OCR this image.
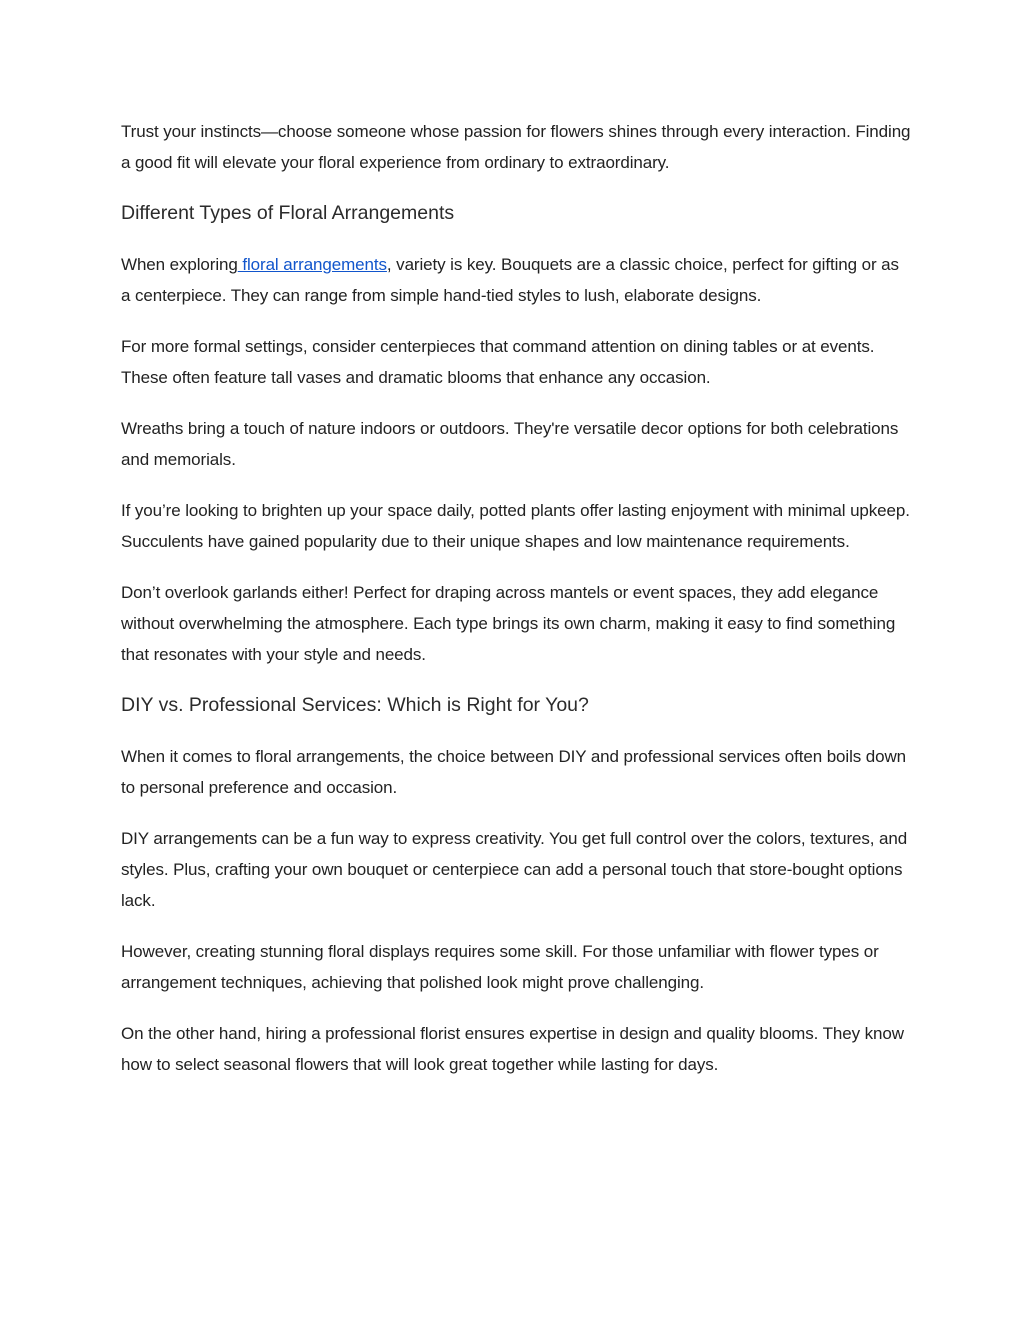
Trust your instincts—choose someone whose passion for flowers shines through every interaction. Finding a good fit will elevate your floral experience from ordinary to extraordinary.

Different Types of Floral Arrangements

When exploring floral arrangements, variety is key. Bouquets are a classic choice, perfect for gifting or as a centerpiece. They can range from simple hand-tied styles to lush, elaborate designs.

For more formal settings, consider centerpieces that command attention on dining tables or at events. These often feature tall vases and dramatic blooms that enhance any occasion.

Wreaths bring a touch of nature indoors or outdoors. They're versatile decor options for both celebrations and memorials.

If you’re looking to brighten up your space daily, potted plants offer lasting enjoyment with minimal upkeep. Succulents have gained popularity due to their unique shapes and low maintenance requirements.

Don’t overlook garlands either! Perfect for draping across mantels or event spaces, they add elegance without overwhelming the atmosphere. Each type brings its own charm, making it easy to find something that resonates with your style and needs.

DIY vs. Professional Services: Which is Right for You?

When it comes to floral arrangements, the choice between DIY and professional services often boils down to personal preference and occasion.

DIY arrangements can be a fun way to express creativity. You get full control over the colors, textures, and styles. Plus, crafting your own bouquet or centerpiece can add a personal touch that store-bought options lack.

However, creating stunning floral displays requires some skill. For those unfamiliar with flower types or arrangement techniques, achieving that polished look might prove challenging.

On the other hand, hiring a professional florist ensures expertise in design and quality blooms. They know how to select seasonal flowers that will look great together while lasting for days.
